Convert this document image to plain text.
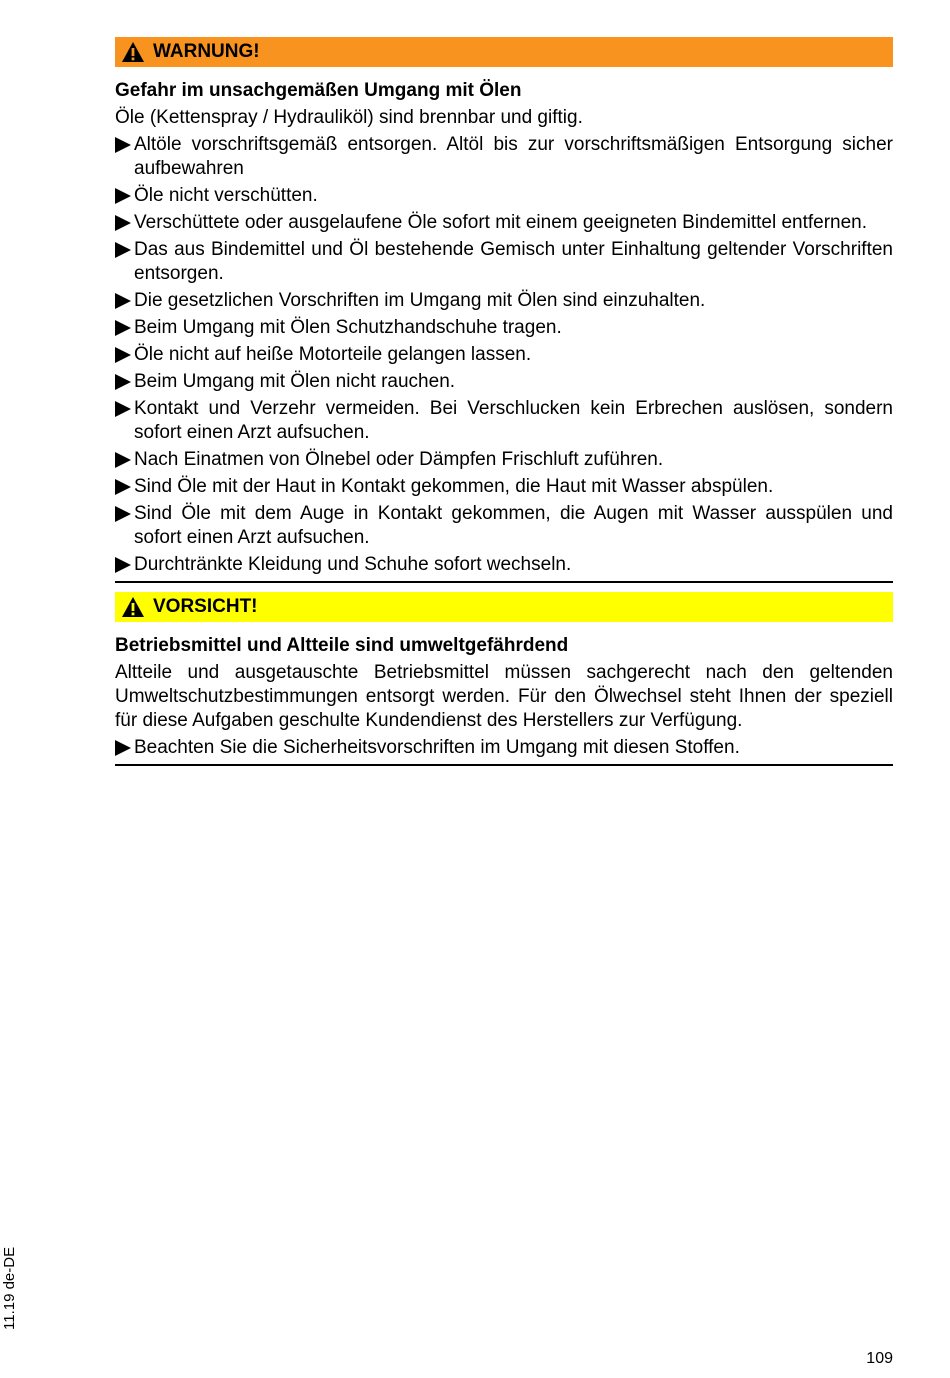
WARNUNG!
Gefahr im unsachgemäßen Umgang mit Ölen
Öle (Kettenspray / Hydrauliköl) sind brennbar und giftig.
Altöle vorschriftsgemäß entsorgen. Altöl bis zur vorschriftsmäßigen Entsorgung sicher aufbewahren
Öle nicht verschütten.
Verschüttete oder ausgelaufene Öle sofort mit einem geeigneten Bindemittel entfernen.
Das aus Bindemittel und Öl bestehende Gemisch unter Einhaltung geltender Vorschriften entsorgen.
Die gesetzlichen Vorschriften im Umgang mit Ölen sind einzuhalten.
Beim Umgang mit Ölen Schutzhandschuhe tragen.
Öle nicht auf heiße Motorteile gelangen lassen.
Beim Umgang mit Ölen nicht rauchen.
Kontakt und Verzehr vermeiden. Bei Verschlucken kein Erbrechen auslösen, sondern sofort einen Arzt aufsuchen.
Nach Einatmen von Ölnebel oder Dämpfen Frischluft zuführen.
Sind Öle mit der Haut in Kontakt gekommen, die Haut mit Wasser abspülen.
Sind Öle mit dem Auge in Kontakt gekommen, die Augen mit Wasser ausspülen und sofort einen Arzt aufsuchen.
Durchtränkte Kleidung und Schuhe sofort wechseln.
VORSICHT!
Betriebsmittel und Altteile sind umweltgefährdend
Altteile und ausgetauschte Betriebsmittel müssen sachgerecht nach den geltenden Umweltschutzbestimmungen entsorgt werden. Für den Ölwechsel steht Ihnen der speziell für diese Aufgaben geschulte Kundendienst des Herstellers zur Verfügung.
Beachten Sie die Sicherheitsvorschriften im Umgang mit diesen Stoffen.
11.19 de-DE
109
